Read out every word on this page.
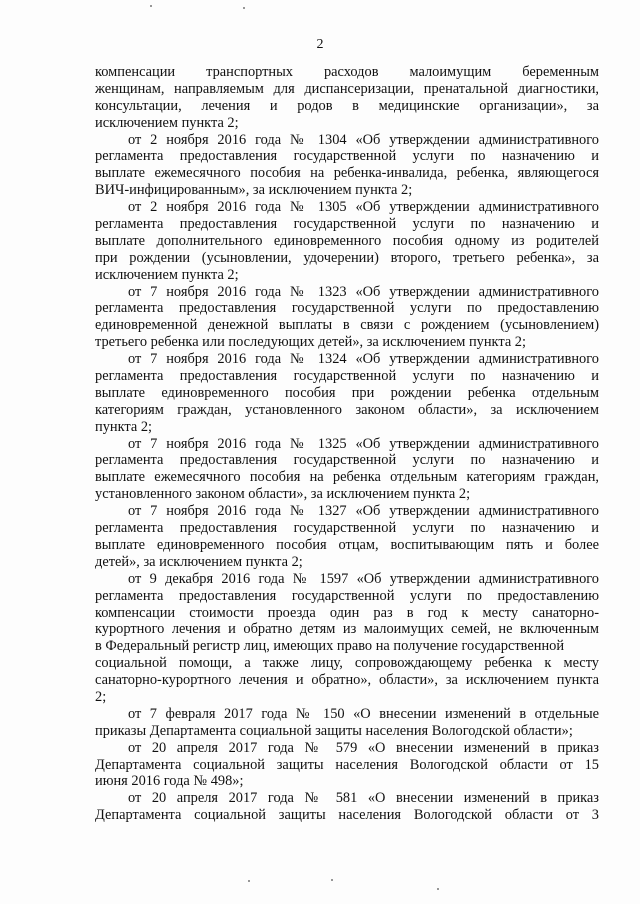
2
компенсации транспортных расходов малоимущим беременным
женщинам, направляемым для диспансеризации, пренатальной диагностики,
консультации, лечения и родов в медицинские организации», за
исключением пункта 2;
от 2 ноября 2016 года № 1304 «Об утверждении административного
регламента предоставления государственной услуги по назначению и
выплате ежемесячного пособия на ребенка-инвалида, ребенка, являющегося
ВИЧ-инфицированным», за исключением пункта 2;
от 2 ноября 2016 года № 1305 «Об утверждении административного
регламента предоставления государственной услуги по назначению и
выплате дополнительного единовременного пособия одному из родителей
при рождении (усыновлении, удочерении) второго, третьего ребенка», за
исключением пункта 2;
от 7 ноября 2016 года № 1323 «Об утверждении административного
регламента предоставления государственной услуги по предоставлению
единовременной денежной выплаты в связи с рождением (усыновлением)
третьего ребенка или последующих детей», за исключением пункта 2;
от 7 ноября 2016 года № 1324 «Об утверждении административного
регламента предоставления государственной услуги по назначению и
выплате единовременного пособия при рождении ребенка отдельным
категориям граждан, установленного законом области», за исключением
пункта 2;
от 7 ноября 2016 года № 1325 «Об утверждении административного
регламента предоставления государственной услуги по назначению и
выплате ежемесячного пособия на ребенка отдельным категориям граждан,
установленного законом области», за исключением пункта 2;
от 7 ноября 2016 года № 1327 «Об утверждении административного
регламента предоставления государственной услуги по назначению и
выплате единовременного пособия отцам, воспитывающим пять и более
детей», за исключением пункта 2;
от 9 декабря 2016 года № 1597 «Об утверждении административного
регламента предоставления государственной услуги по предоставлению
компенсации стоимости проезда один раз в год к месту санаторно-
курортного лечения и обратно детям из малоимущих семей, не включенным
в Федеральный регистр лиц, имеющих право на получение государственной
социальной помощи, а также лицу, сопровождающему ребенка к месту
санаторно-курортного лечения и обратно», области», за исключением пункта
2;
от 7 февраля 2017 года № 150 «О внесении изменений в отдельные
приказы Департамента социальной защиты населения Вологодской области»;
от 20 апреля 2017 года № 579 «О внесении изменений в приказ
Департамента социальной защиты населения Вологодской области от 15
июня 2016 года № 498»;
от 20 апреля 2017 года № 581 «О внесении изменений в приказ
Департамента социальной защиты населения Вологодской области от 3
